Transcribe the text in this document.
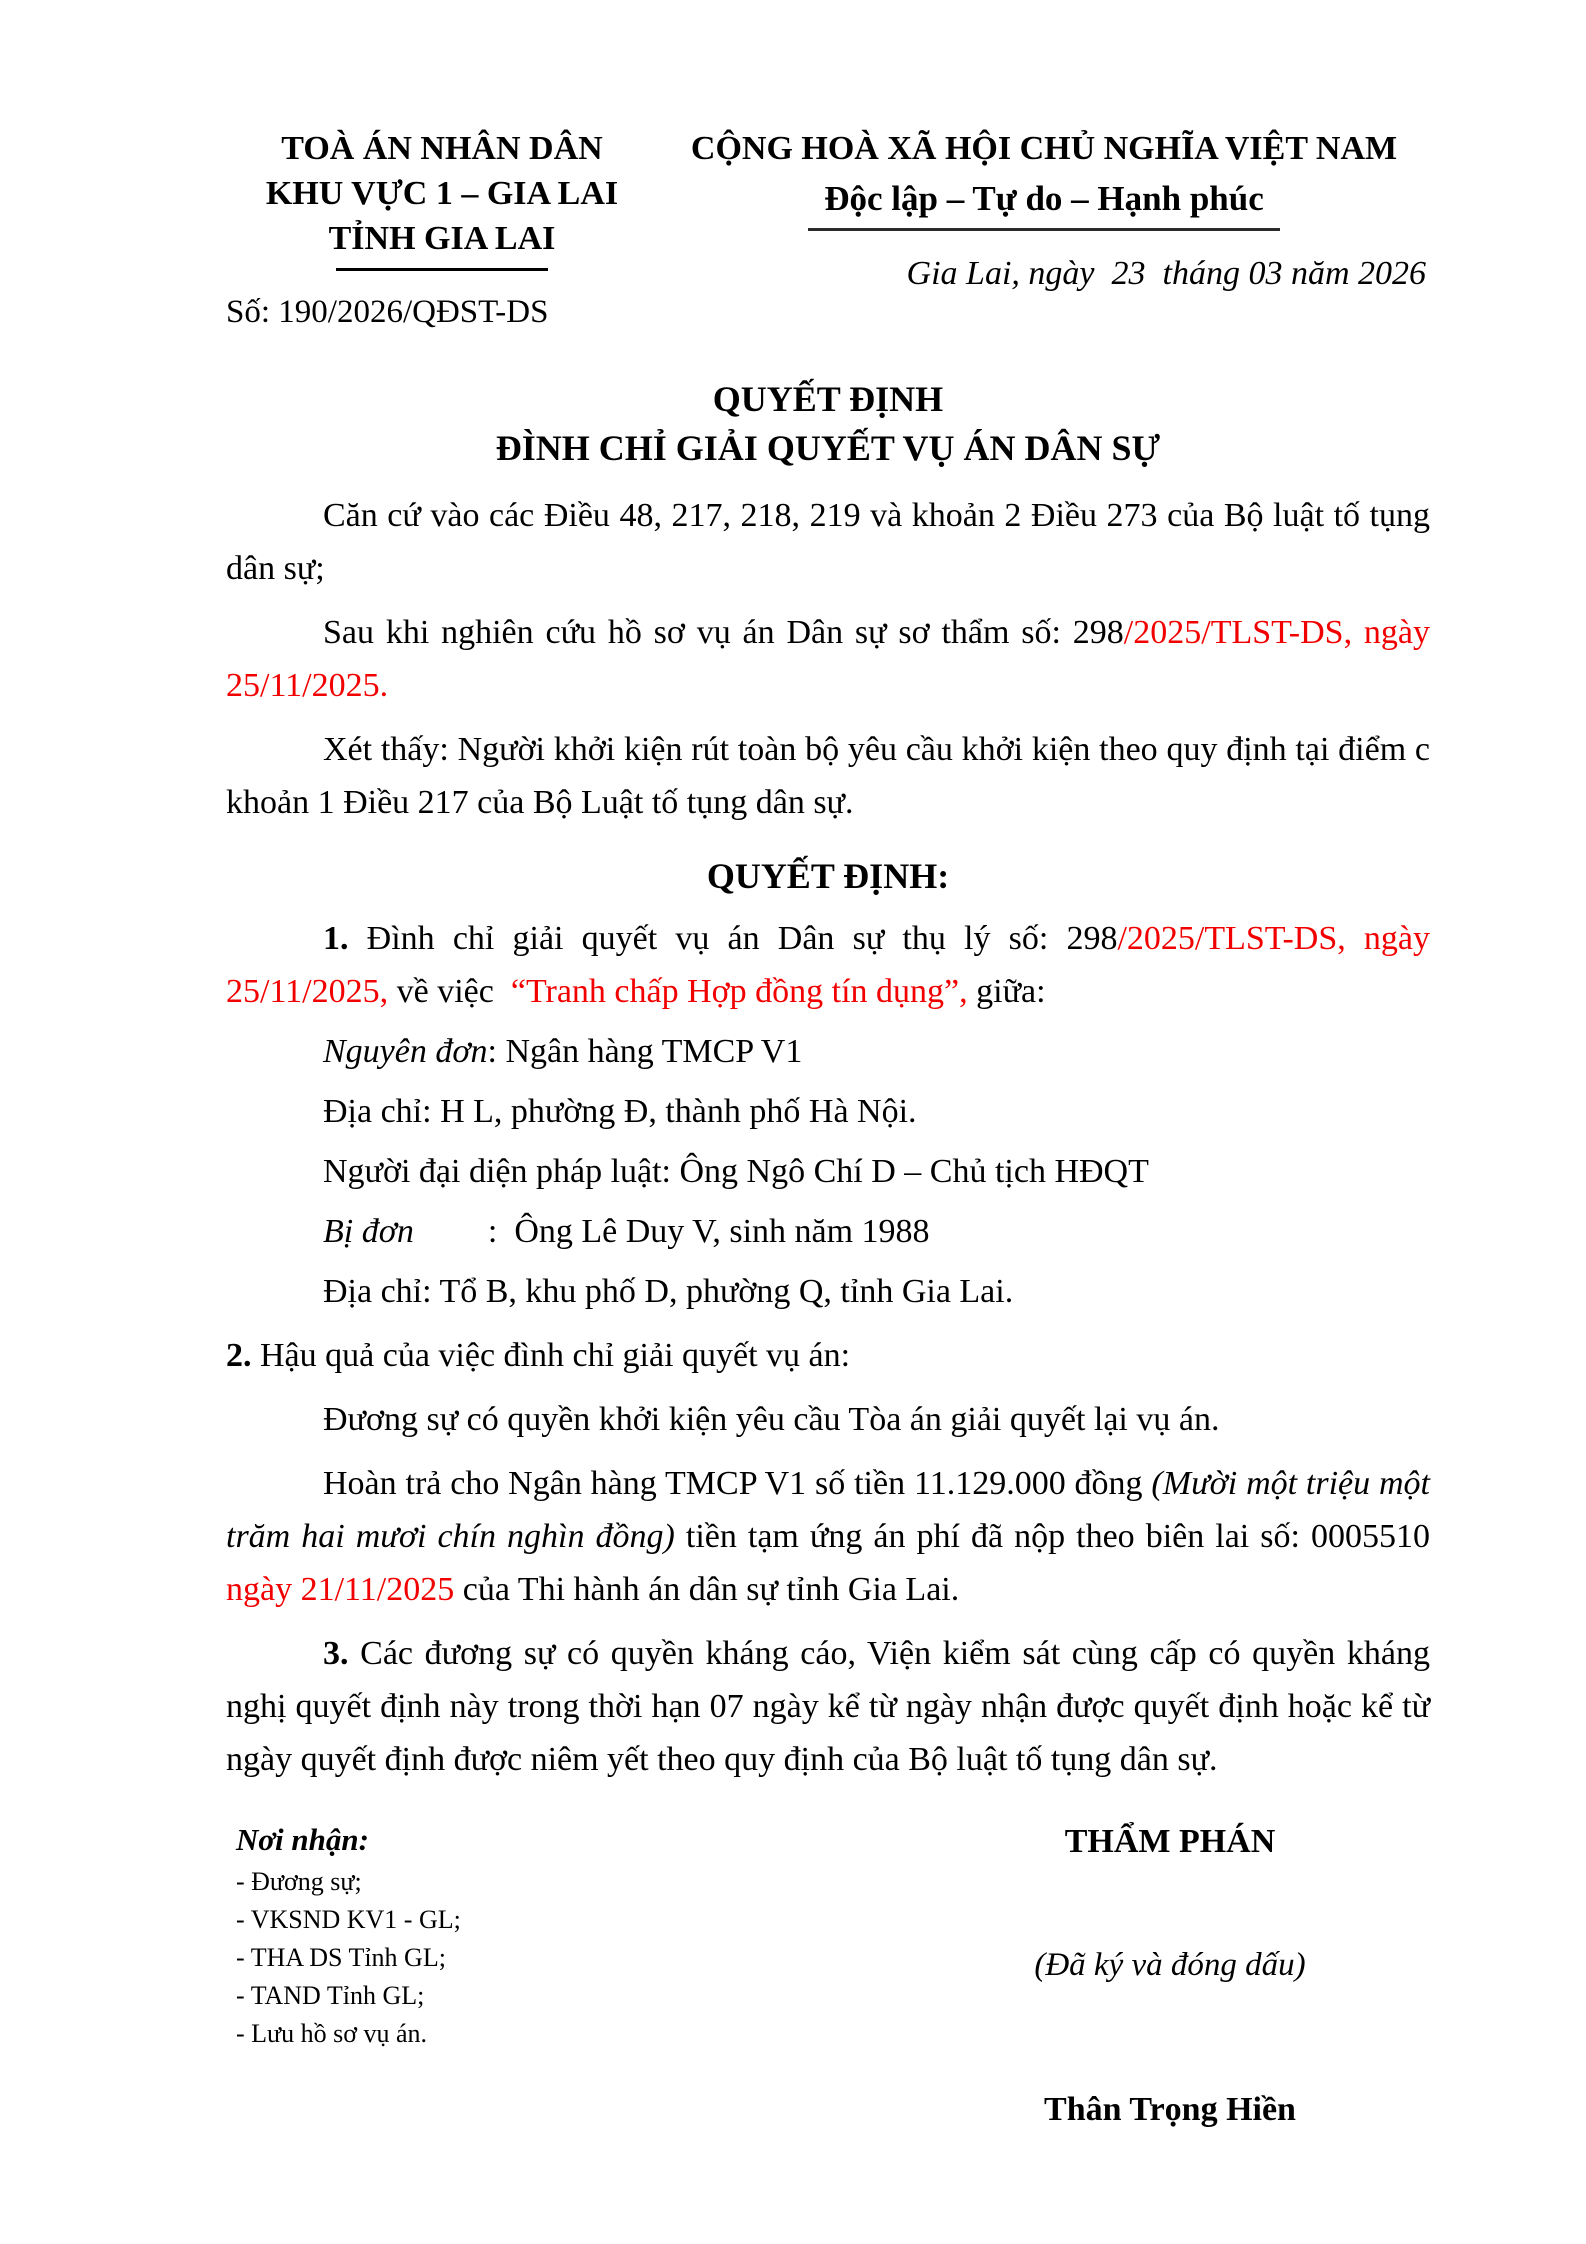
TOÀ ÁN NHÂN DÂN
KHU VỰC 1 – GIA LAI
TỈNH GIA LAI
Số: 190/2026/QĐST-DS
CỘNG HOÀ XÃ HỘI CHỦ NGHĨA VIỆT NAM
Độc lập – Tự do – Hạnh phúc
Gia Lai, ngày  23  tháng 03 năm 2026
QUYẾT ĐỊNH
ĐÌNH CHỈ GIẢI QUYẾT VỤ ÁN DÂN SỰ

Căn cứ vào các Điều 48, 217, 218, 219 và khoản 2 Điều 273 của Bộ luật tố tụng dân sự;

Sau khi nghiên cứu hồ sơ vụ án Dân sự sơ thẩm số: 298/2025/TLST-DS, ngày 25/11/2025.

Xét thấy: Người khởi kiện rút toàn bộ yêu cầu khởi kiện theo quy định tại điểm c khoản 1 Điều 217 của Bộ Luật tố tụng dân sự.

QUYẾT ĐỊNH:

1. Đình chỉ giải quyết vụ án Dân sự thụ lý số: 298/2025/TLST-DS, ngày 25/11/2025, về việc  “Tranh chấp Hợp đồng tín dụng”, giữa:

Nguyên đơn: Ngân hàng TMCP V1

Địa chỉ: H L, phường Đ, thành phố Hà Nội.

Người đại diện pháp luật: Ông Ngô Chí D – Chủ tịch HĐQT

Bị đơn :  Ông Lê Duy V, sinh năm 1988

Địa chỉ: Tổ B, khu phố D, phường Q, tỉnh Gia Lai.

2. Hậu quả của việc đình chỉ giải quyết vụ án:

Đương sự có quyền khởi kiện yêu cầu Tòa án giải quyết lại vụ án.

Hoàn trả cho Ngân hàng TMCP V1 số tiền 11.129.000 đồng (Mười một triệu một trăm hai mươi chín nghìn đồng) tiền tạm ứng án phí đã nộp theo biên lai số: 0005510 ngày 21/11/2025 của Thi hành án dân sự tỉnh Gia Lai.

3. Các đương sự có quyền kháng cáo, Viện kiểm sát cùng cấp có quyền kháng nghị quyết định này trong thời hạn 07 ngày kể từ ngày nhận được quyết định hoặc kể từ ngày quyết định được niêm yết theo quy định của Bộ luật tố tụng dân sự.

Nơi nhận:
- Đương sự;
- VKSND KV1 - GL;
- THA DS Tỉnh GL;
- TAND Tỉnh GL;
- Lưu hồ sơ vụ án.
THẨM PHÁN
(Đã ký và đóng dấu)
Thân Trọng Hiền
